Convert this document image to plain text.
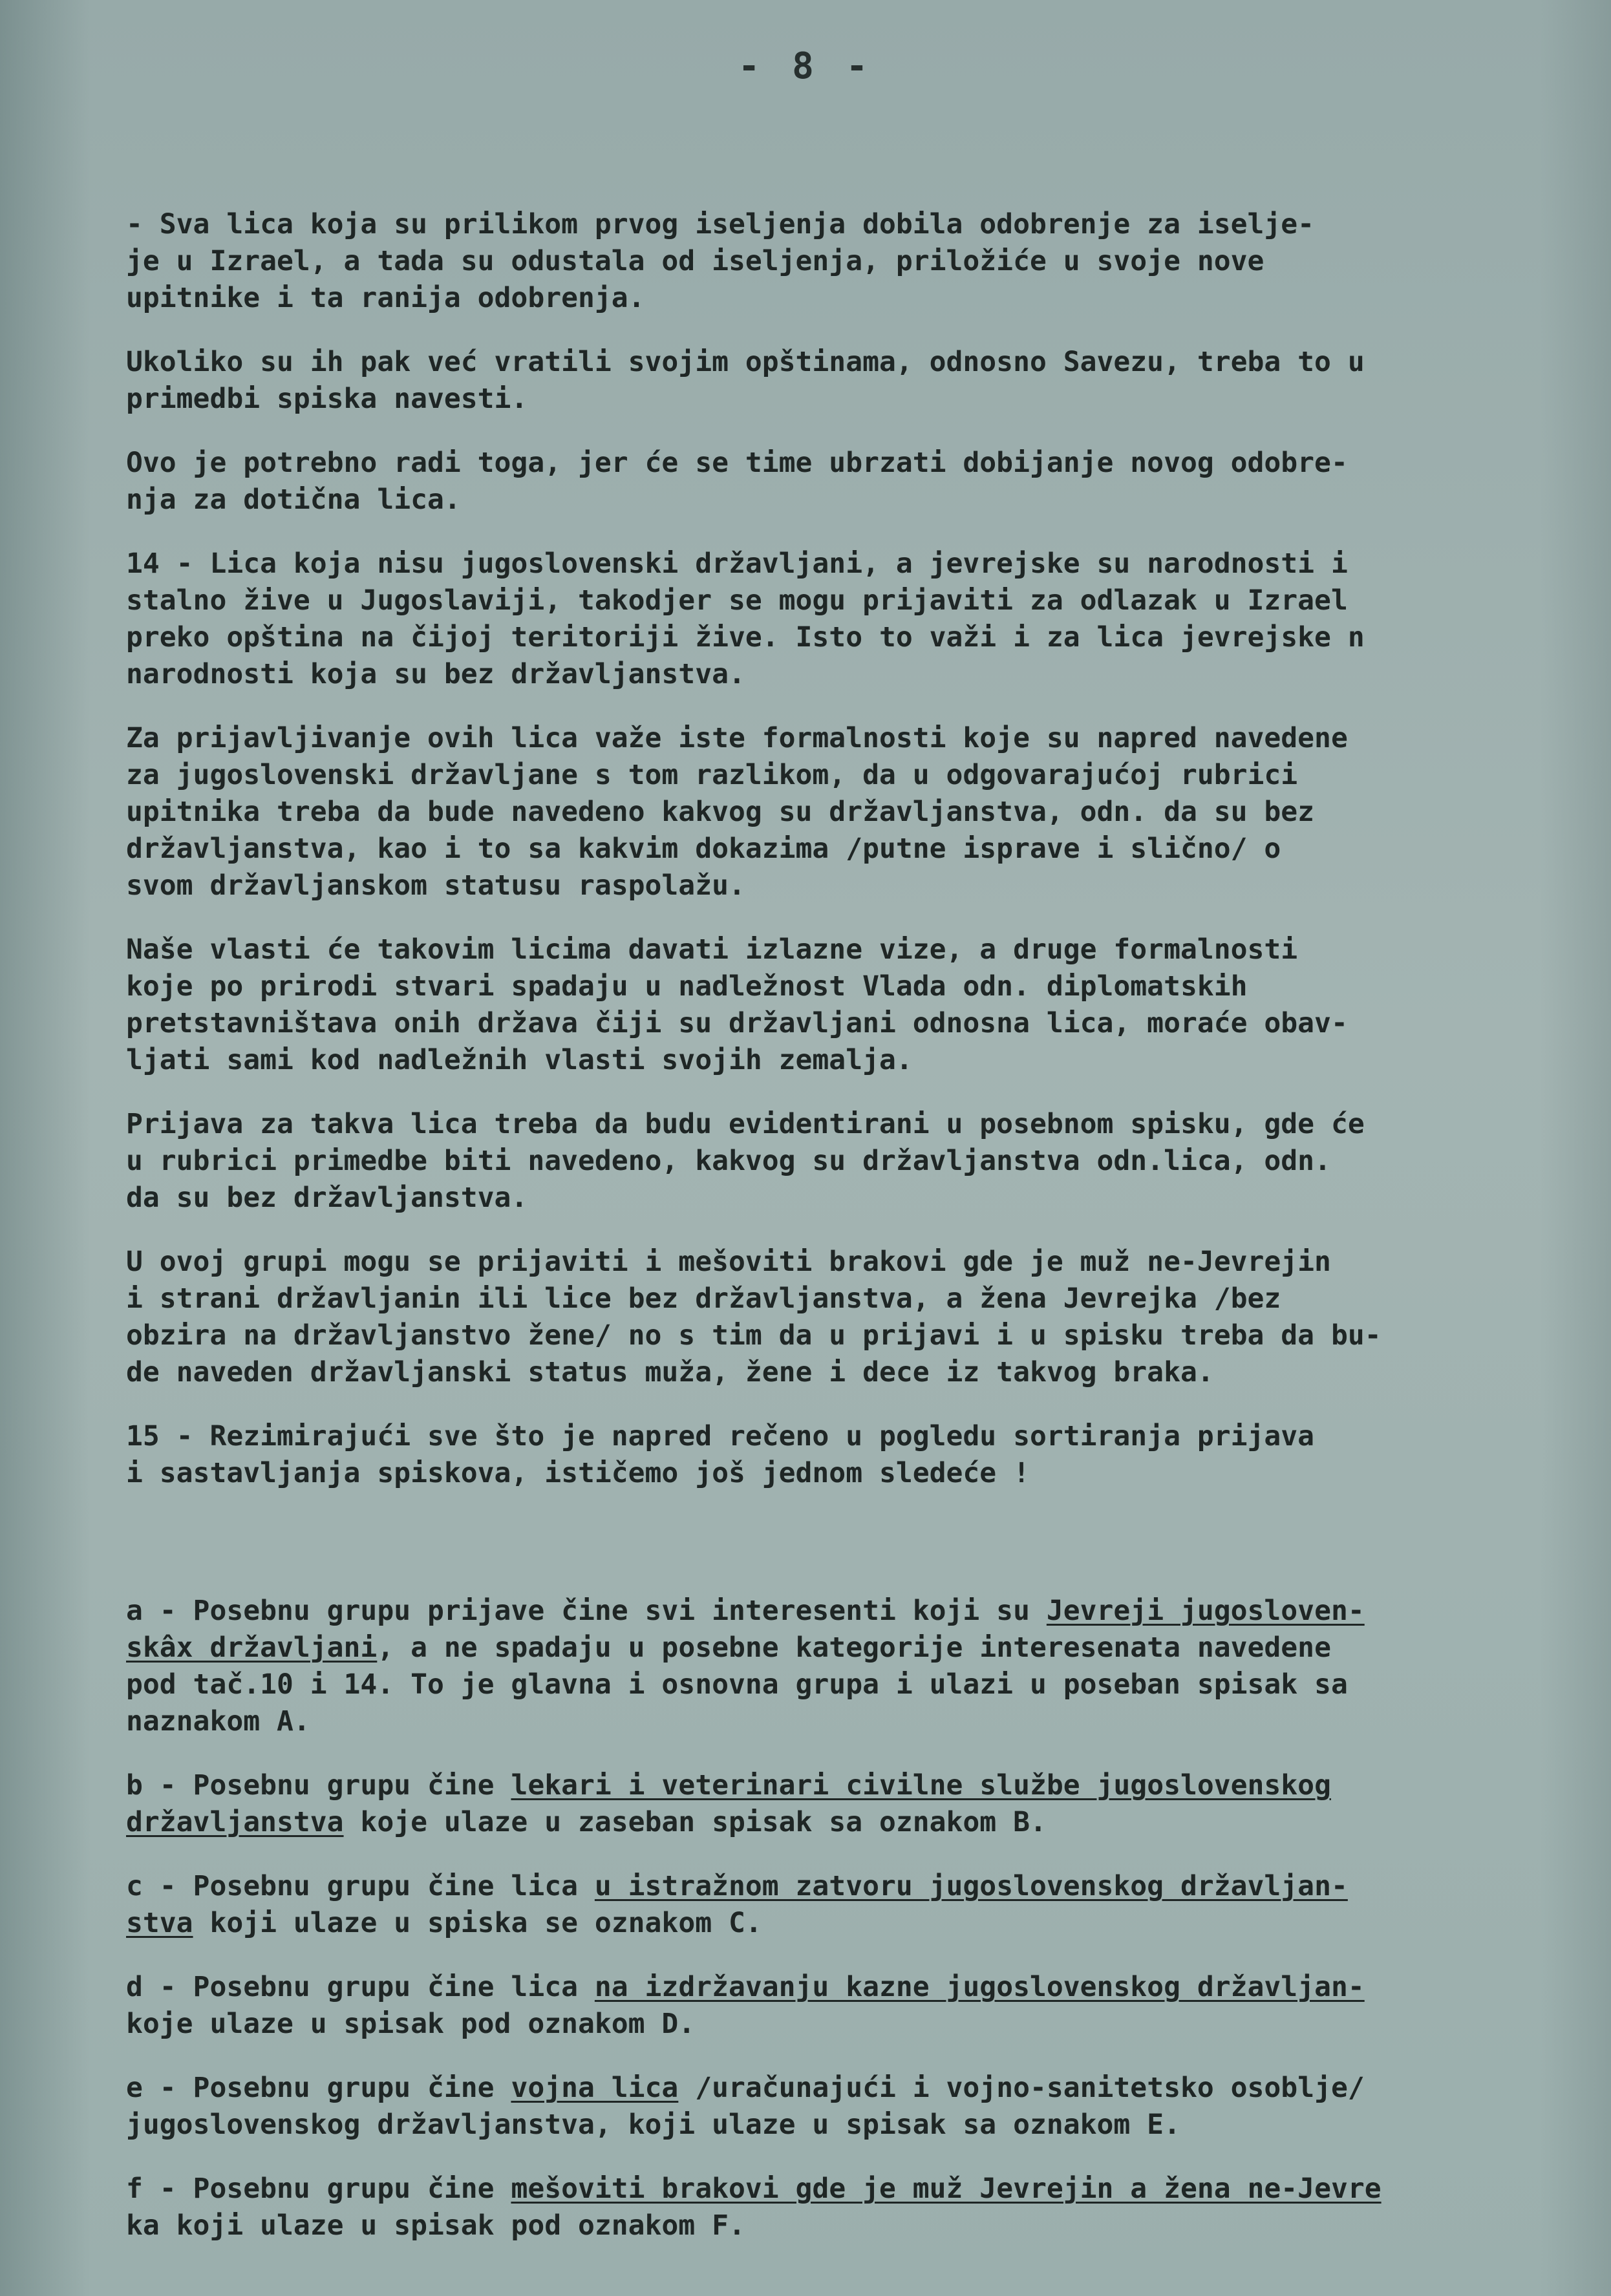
- 8 -

- Sva lica koja su prilikom prvog iseljenja dobila odobrenje za iselje-
je u Izrael, a tada su odustala od iseljenja, priložiće u svoje nove
upitnike i ta ranija odobrenja.
Ukoliko su ih pak već vratili svojim opštinama, odnosno Savezu, treba to u
primedbi spiska navesti.
Ovo je potrebno radi toga, jer će se time ubrzati dobijanje novog odobre-
nja za dotična lica.
14 - Lica koja nisu jugoslovenski državljani, a jevrejske su narodnosti i
stalno žive u Jugoslaviji, takodjer se mogu prijaviti za odlazak u Izrael
preko opština na čijoj teritoriji žive. Isto to važi i za lica jevrejske n
narodnosti koja su bez državljanstva.
Za prijavljivanje ovih lica važe iste formalnosti koje su napred navedene
za jugoslovenski državljane s tom razlikom, da u odgovarajućoj rubrici
upitnika treba da bude navedeno kakvog su državljanstva, odn. da su bez
državljanstva, kao i to sa kakvim dokazima /putne isprave i slično/ o
svom državljanskom statusu raspolažu.
Naše vlasti će takovim licima davati izlazne vize, a druge formalnosti
koje po prirodi stvari spadaju u nadležnost Vlada odn. diplomatskih
pretstavništava onih država čiji su državljani odnosna lica, moraće obav-
ljati sami kod nadležnih vlasti svojih zemalja.
Prijava za takva lica treba da budu evidentirani u posebnom spisku, gde će
u rubrici primedbe biti navedeno, kakvog su državljanstva odn.lica, odn.
da su bez državljanstva.
U ovoj grupi mogu se prijaviti i mešoviti brakovi gde je muž ne-Jevrejin
i strani državljanin ili lice bez državljanstva, a žena Jevrejka /bez
obzira na državljanstvo žene/ no s tim da u prijavi i u spisku treba da bu-
de naveden državljanski status muža, žene i dece iz takvog braka.
15 - Rezimirajući sve što je napred rečeno u pogledu sortiranja prijava
i sastavljanja spiskova, ističemo još jednom sledeće !

a - Posebnu grupu prijave čine svi interesenti koji su Jevreji jugosloven-
skâx državljani, a ne spadaju u posebne kategorije interesenata navedene
pod tač.10 i 14. To je glavna i osnovna grupa i ulazi u poseban spisak sa
naznakom A.
b - Posebnu grupu čine lekari i veterinari civilne službe jugoslovenskog
državljanstva koje ulaze u zaseban spisak sa oznakom B.
c - Posebnu grupu čine lica u istražnom zatvoru jugoslovenskog državljan-
stva koji ulaze u spiska se oznakom C.
d - Posebnu grupu čine lica na izdržavanju kazne jugoslovenskog državljan-
koje ulaze u spisak pod oznakom D.
e - Posebnu grupu čine vojna lica /uračunajući i vojno-sanitetsko osoblje/
jugoslovenskog državljanstva, koji ulaze u spisak sa oznakom E.
f - Posebnu grupu čine mešoviti brakovi gde je muž Jevrejin a žena ne-Jevre
ka koji ulaze u spisak pod oznakom F.
